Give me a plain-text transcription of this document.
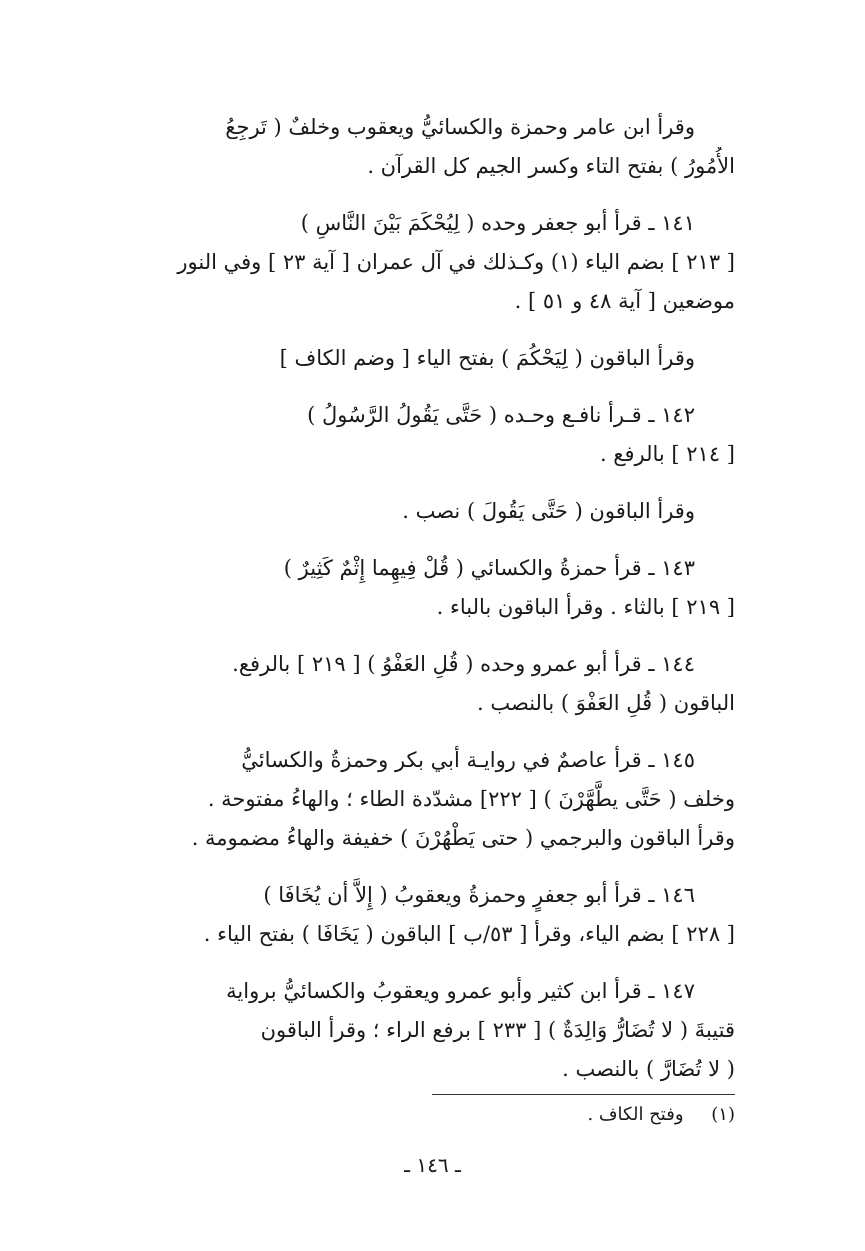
وقرأ ابن عامر وحمزة والكسائيُّ ويعقوب وخلفٌ ( تَرجِعُ
الأُمُورُ ) بفتح التاء وكسر الجيم كل القرآن .

١٤١ ـ قرأ أبو جعفر وحده ( لِيُحْكَمَ بَيْنَ النَّاسِ )
[ ٢١٣ ] بضم الياء (١) وكـذلك في آل عمران [ آية ٢٣ ] وفي النور
موضعين [ آية ٤٨ و ٥١ ] .

وقرأ الباقون ( لِيَحْكُمَ ) بفتح الياء [ وضم الكاف ]

١٤٢ ـ قـرأ نافـع وحـده ( حَتَّى يَقُولُ الرَّسُولُ )
[ ٢١٤ ] بالرفع .

وقرأ الباقون ( حَتَّى يَقُولَ ) نصب .

١٤٣ ـ قرأ حمزةُ والكسائي ( قُلْ فِيهِما إِثْمٌ كَثِيرٌ )
[ ٢١٩ ] بالثاء . وقرأ الباقون بالباء .

١٤٤ ـ قرأ أبو عمرو وحده ( قُلِ العَفْوُ ) [ ٢١٩ ] بالرفع.
الباقون ( قُلِ العَفْوَ ) بالنصب .

١٤٥ ـ قرأ عاصمٌ في روايـة أبي بكر وحمزةُ والكسائيُّ
وخلف ( حَتَّى يطَّهَّرْنَ ) [ ٢٢٢] مشدّدة الطاء ؛ والهاءُ مفتوحة .
وقرأ الباقون والبرجمي ( حتى يَطْهُرْنَ ) خفيفة والهاءُ مضمومة .

١٤٦ ـ قرأ أبو جعفرٍ وحمزةُ ويعقوبُ ( إِلاَّ أن يُخَافَا )
[ ٢٢٨ ] بضم الياء، وقرأ [ ٥٣/ب ] الباقون ( يَخَافَا ) بفتح الياء .

١٤٧ ـ قرأ ابن كثير وأبو عمرو ويعقوبُ والكسائيُّ برواية
قتيبةَ ( لا تُضَارُّ وَالِدَةٌ ) [ ٢٣٣ ] برفع الراء ؛ وقرأ الباقون
( لا تُضَارَّ ) بالنصب .

(١) وفتح الكاف .
ـ ١٤٦ ـ
